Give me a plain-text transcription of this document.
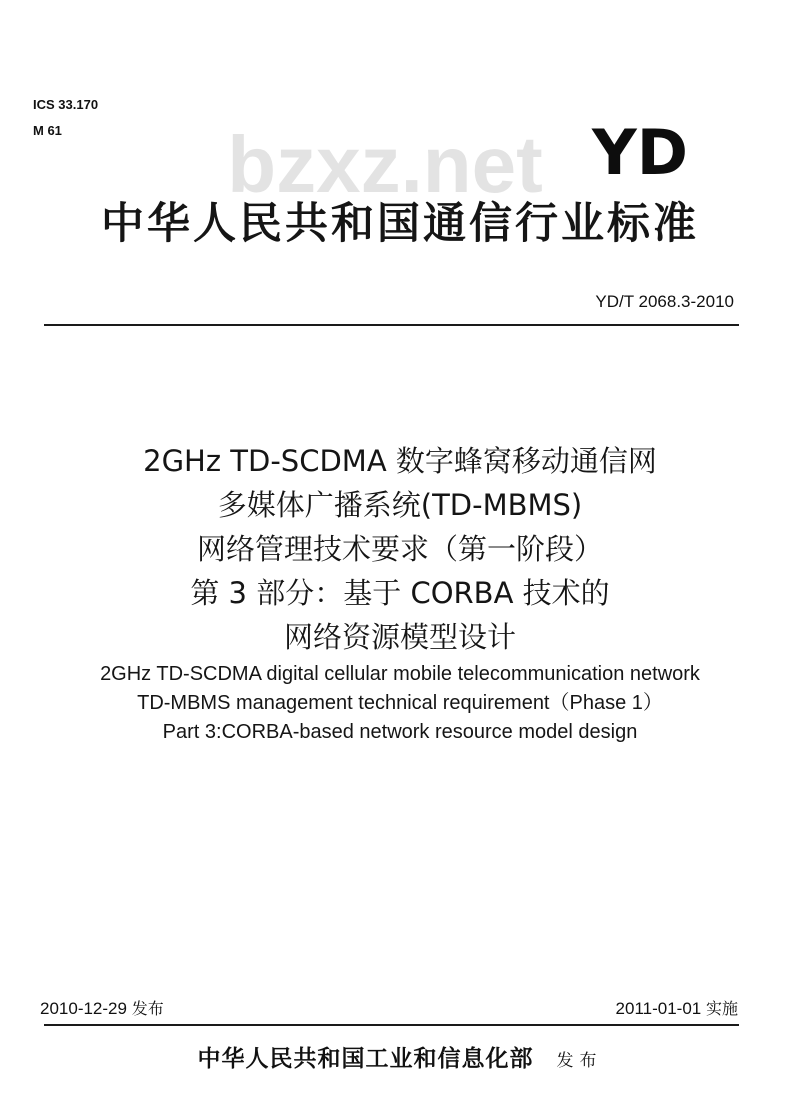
ICS 33.170
M 61 bzxz.net YD
中华人民共和国通信行业标准
YD/T 2068.3-2010
2GHz TD-SCDMA 数字蜂窝移动通信网
多媒体广播系统(TD-MBMS)
网络管理技术要求（第一阶段）
第 3 部分：基于 CORBA 技术的
网络资源模型设计
2GHz TD-SCDMA digital cellular mobile telecommunication network
TD-MBMS management technical requirement（Phase 1）
Part 3:CORBA-based network resource model design
2010-12-29 发布	2011-01-01 实施
中华人民共和国工业和信息化部 发布
